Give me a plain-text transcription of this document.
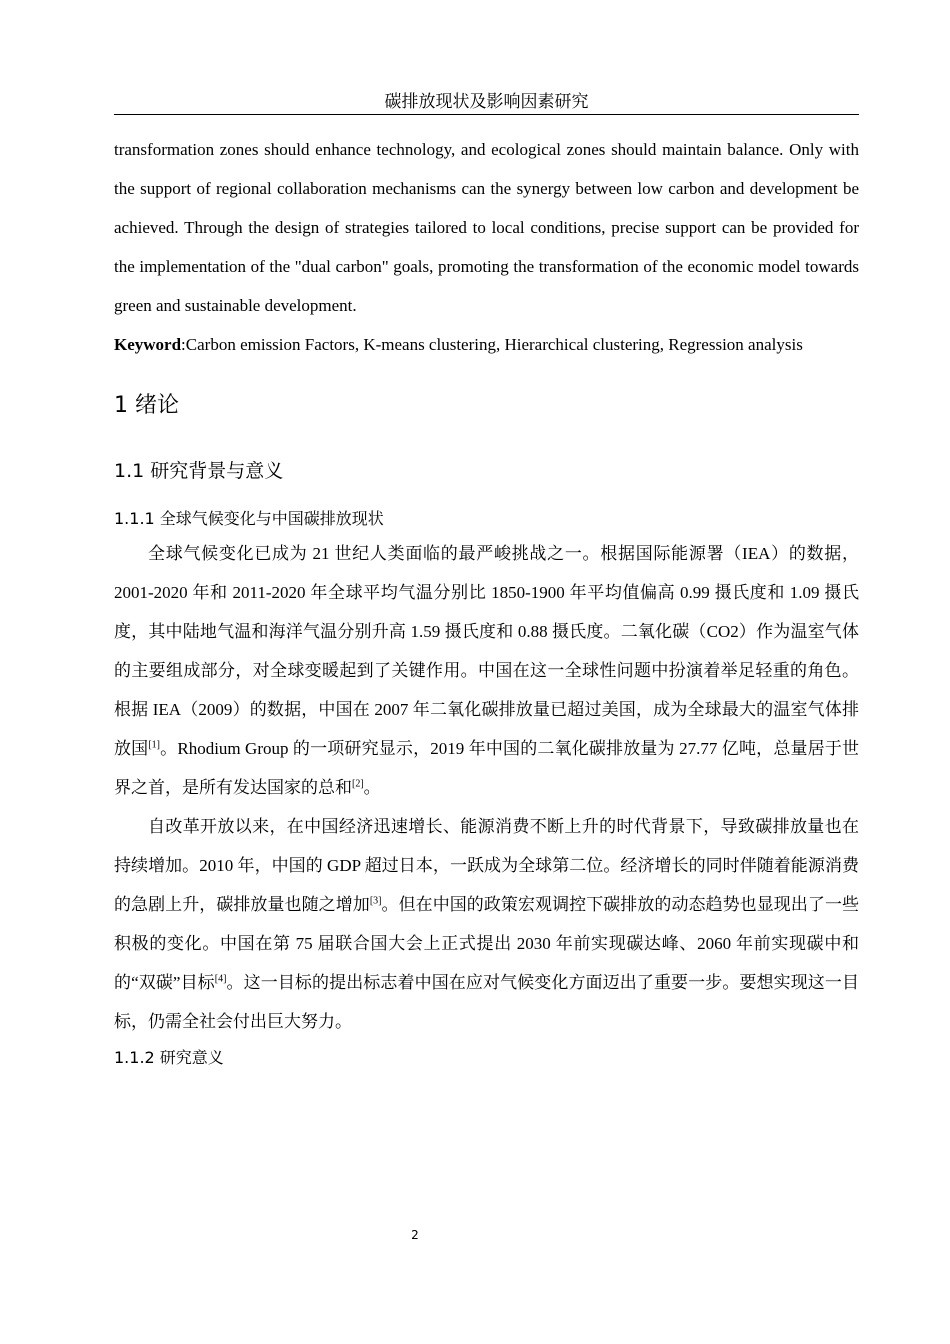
碳排放现状及影响因素研究

transformation zones should enhance technology, and ecological zones should maintain balance. Only with the support of regional collaboration mechanisms can the synergy between low carbon and development be achieved. Through the design of strategies tailored to local conditions, precise support can be provided for the implementation of the "dual carbon" goals, promoting the transformation of the economic model towards green and sustainable development.

Keyword:Carbon emission Factors, K-means clustering, Hierarchical clustering, Regression analysis

1 绪论
1.1 研究背景与意义
1.1.1 全球气候变化与中国碳排放现状

全球气候变化已成为 21 世纪人类面临的最严峻挑战之一。根据国际能源署（IEA）的数据，2001-2020 年和 2011-2020 年全球平均气温分别比 1850-1900 年平均值偏高 0.99 摄氏度和 1.09 摄氏度，其中陆地气温和海洋气温分别升高 1.59 摄氏度和 0.88 摄氏度。二氧化碳（CO2）作为温室气体的主要组成部分，对全球变暖起到了关键作用。中国在这一全球性问题中扮演着举足轻重的角色。根据 IEA（2009）的数据，中国在 2007 年二氧化碳排放量已超过美国，成为全球最大的温室气体排放国[1]。Rhodium Group 的一项研究显示，2019 年中国的二氧化碳排放量为 27.77 亿吨，总量居于世界之首，是所有发达国家的总和[2]。

自改革开放以来，在中国经济迅速增长、能源消费不断上升的时代背景下，导致碳排放量也在持续增加。2010 年，中国的 GDP 超过日本，一跃成为全球第二位。经济增长的同时伴随着能源消费的急剧上升，碳排放量也随之增加[3]。但在中国的政策宏观调控下碳排放的动态趋势也显现出了一些积极的变化。中国在第 75 届联合国大会上正式提出 2030 年前实现碳达峰、2060 年前实现碳中和的“双碳”目标[4]。这一目标的提出标志着中国在应对气候变化方面迈出了重要一步。要想实现这一目标，仍需全社会付出巨大努力。

1.1.2 研究意义
2
